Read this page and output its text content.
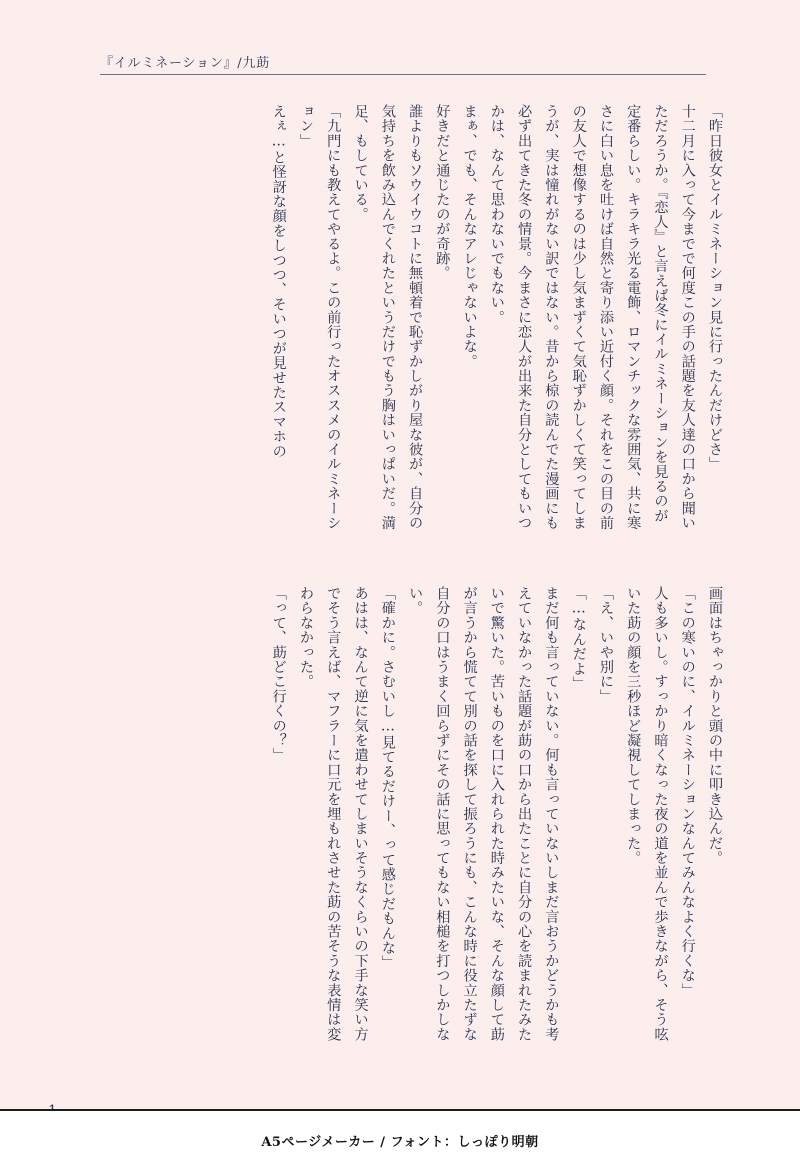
『イルミネーション』/九莇
「昨日彼女とイルミネーション見に行ったんだけどさ」
十二月に入って今までで何度この手の話題を友人達の口から聞いただろうか。『恋人』と言えば冬にイルミネーションを見るのが定番らしい。キラキラ光る電飾、ロマンチックな雰囲気、共に寒さに白い息を吐けば自然と寄り添い近付く顔。それをこの目の前の友人で想像するのは少し気まずくて気恥ずかしくて笑ってしまうが、実は憧れがない訳ではない。昔から椋の読んでた漫画にも必ず出てきた冬の情景。今まさに恋人が出来た自分としてもいつかは、なんて思わないでもない。
まぁ、でも、そんなアレじゃないよな。
好きだと通じたのが奇跡。
誰よりもソウイウコトに無頓着で恥ずかしがり屋な彼が、自分の気持ちを飲み込んでくれたというだけでもう胸はいっぱいだ。満足、もしている。
「九門にも教えてやるよ。この前行ったオススメのイルミネーション」
えぇ…と怪訝な顔をしつつ、そいつが見せたスマホの
画面はちゃっかりと頭の中に叩き込んだ。
「この寒いのに、イルミネーションなんてみんなよく行くな」
人も多いし。すっかり暗くなった夜の道を並んで歩きながら、そう呟いた莇の顔を三秒ほど凝視してしまった。
「え、いや別に」
「…なんだよ」
まだ何も言っていない。何も言っていないしまだ言おうかどうかも考えていなかった話題が莇の口から出たことに自分の心を読まれたみたいで驚いた。苦いものを口に入れられた時みたいな、そんな顔して莇が言うから慌てて別の話を探して振ろうにも、こんな時に役立たずな自分の口はうまく回らずにその話に思ってもない相槌を打つしかしない。
「確かに。さむいし…見てるだけー、って感じだもんな」
あはは、なんて逆に気を遣わせてしまいそうなくらいの下手な笑い方でそう言えば、マフラーに口元を埋もれさせた莇の苦そうな表情は変わらなかった。
「って、莇どこ行くの？」
A5ページメーカー / フォント：しっぽり明朝
